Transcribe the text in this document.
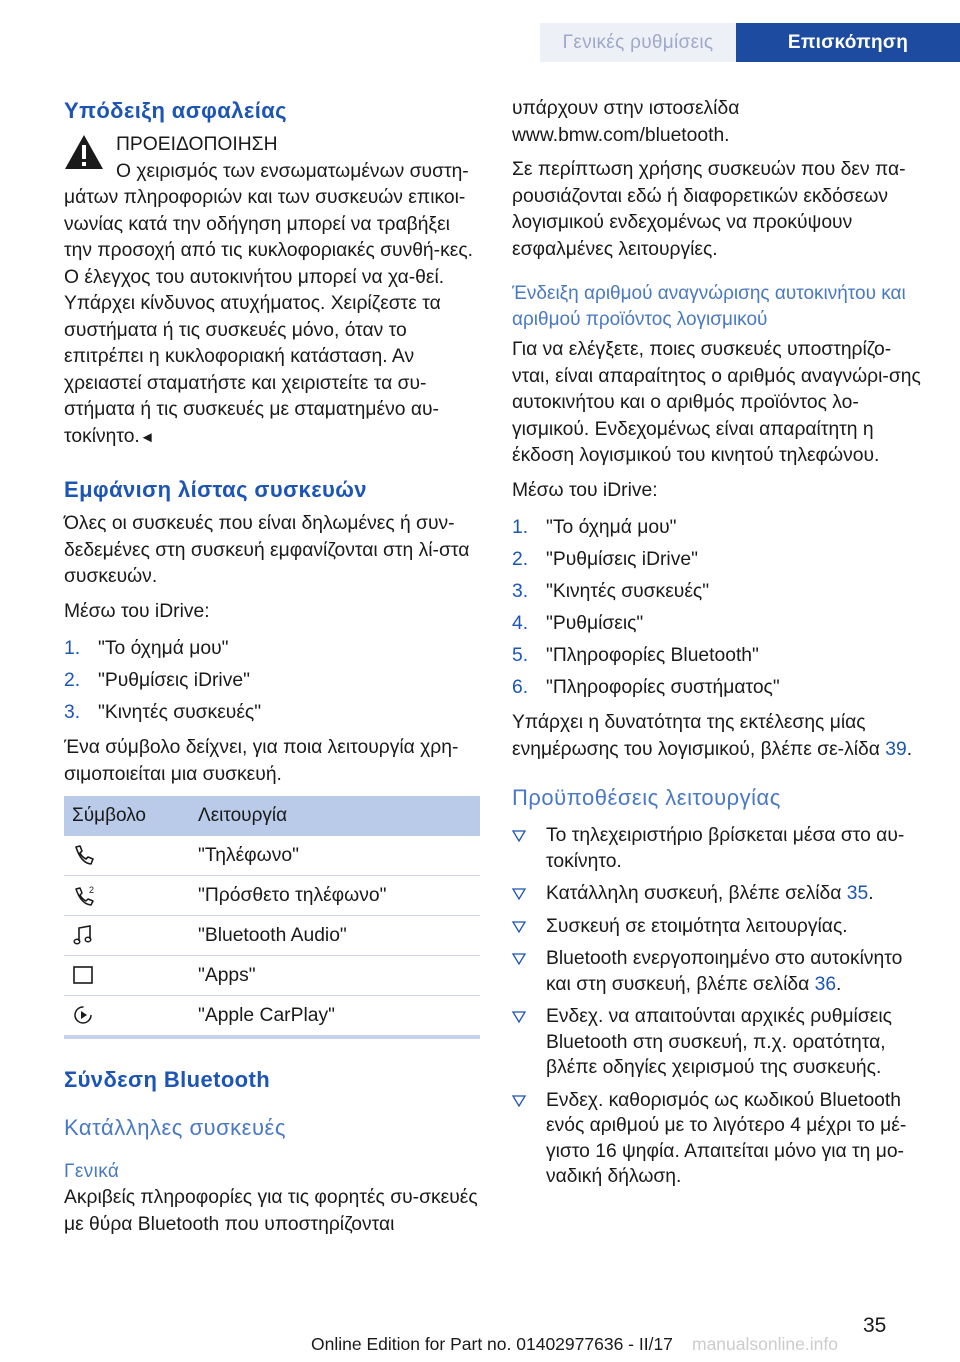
Γενικές ρυθμίσεις	Επισκόπηση
Υπόδειξη ασφαλείας

ΠΡΟΕΙΔΟΠΟΙΗΣΗ

Ο χειρισμός των ενσωματωμένων συστη-μάτων πληροφοριών και των συσκευών επικοι-νωνίας κατά την οδήγηση μπορεί να τραβήξει την προσοχή από τις κυκλοφοριακές συνθή-κες. Ο έλεγχος του αυτοκινήτου μπορεί να χα-θεί. Υπάρχει κίνδυνος ατυχήματος. Χειρίζεστε τα συστήματα ή τις συσκευές μόνο, όταν το επιτρέπει η κυκλοφοριακή κατάσταση. Αν χρειαστεί σταματήστε και χειριστείτε τα συ-στήματα ή τις συσκευές με σταματημένο αυ-τοκίνητο.◄
Εμφάνιση λίστας συσκευών

Όλες οι συσκευές που είναι δηλωμένες ή συν-δεδεμένες στη συσκευή εμφανίζονται στη λί-στα συσκευών.

Μέσω του iDrive:

1. "Το όχημά μου"
2. "Ρυθμίσεις iDrive"
3. "Κινητές συσκευές"

Ένα σύμβολο δείχνει, για ποια λειτουργία χρη-σιμοποιείται μια συσκευή.

Σύμβολο	Λειτουργία
	"Τηλέφωνο"

2	"Πρόσθετο τηλέφωνο"
	"Bluetooth Audio"
	"Apps"
	"Apple CarPlay"
Σύνδεση Bluetooth
Κατάλληλες συσκευές
Γενικά

Ακριβείς πληροφορίες για τις φορητές συ-σκευές με θύρα Bluetooth που υποστηρίζονται

υπάρχουν στην ιστοσελίδα www.bmw.com/bluetooth.

Σε περίπτωση χρήσης συσκευών που δεν πα-ρουσιάζονται εδώ ή διαφορετικών εκδόσεων λογισμικού ενδεχομένως να προκύψουν εσφαλμένες λειτουργίες.

Ένδειξη αριθμού αναγνώρισης αυτοκινήτου και αριθμού προϊόντος λογισμικού

Για να ελέγξετε, ποιες συσκευές υποστηρίζο-νται, είναι απαραίτητος ο αριθμός αναγνώρι-σης αυτοκινήτου και ο αριθμός προϊόντος λο-γισμικού. Ενδεχομένως είναι απαραίτητη η έκδοση λογισμικού του κινητού τηλεφώνου.

Μέσω του iDrive:

1. "Το όχημά μου"
2. "Ρυθμίσεις iDrive"
3. "Κινητές συσκευές"
4. "Ρυθμίσεις"
5. "Πληροφορίες Bluetooth"
6. "Πληροφορίες συστήματος"

Υπάρχει η δυνατότητα της εκτέλεσης μίας ενημέρωσης του λογισμικού, βλέπε σε-λίδα 39.

Προϋποθέσεις λειτουργίας
Το τηλεχειριστήριο βρίσκεται μέσα στο αυ-τοκίνητο.
Κατάλληλη συσκευή, βλέπε σελίδα 35.
Συσκευή σε ετοιμότητα λειτουργίας.
Bluetooth ενεργοποιημένο στο αυτοκίνητο και στη συσκευή, βλέπε σελίδα 36.
Ενδεχ. να απαιτούνται αρχικές ρυθμίσεις Bluetooth στη συσκευή, π.χ. ορατότητα, βλέπε οδηγίες χειρισμού της συσκευής.
Ενδεχ. καθορισμός ως κωδικού Bluetooth ενός αριθμού με το λιγότερο 4 μέχρι το μέ-γιστο 16 ψηφία. Απαιτείται μόνο για τη μο-ναδική δήλωση.
35
Online Edition for Part no. 01402977636 - II/17 manualsonline.info
